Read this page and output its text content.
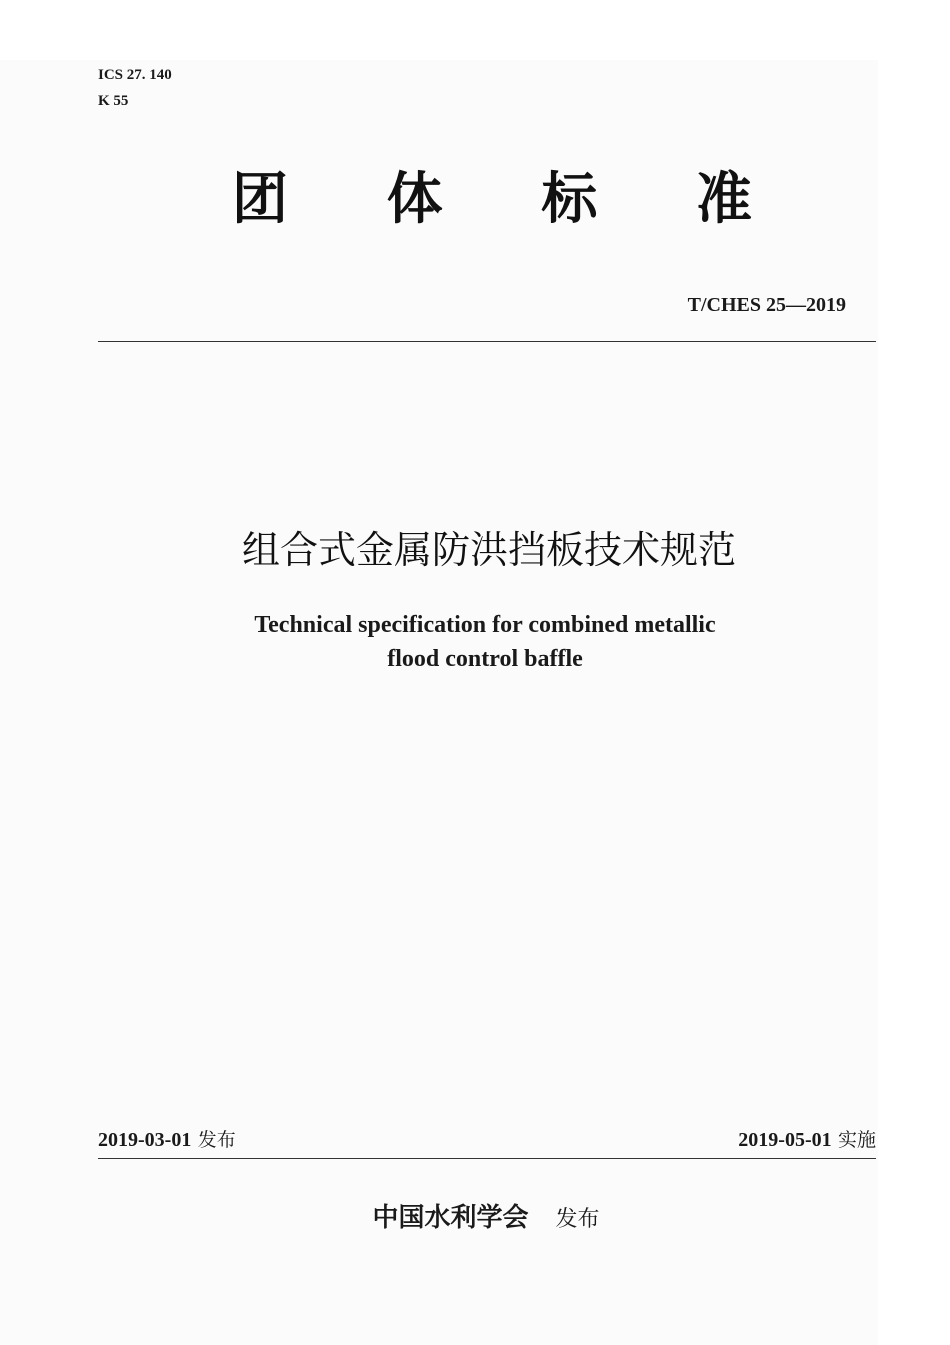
ICS 27. 140
K 55
团 体 标 准
T/CHES 25—2019
组合式金属防洪挡板技术规范
Technical specification for combined metallic
flood control baffle
2019-03-01 发布	2019-05-01 实施
中国水利学会 发布
